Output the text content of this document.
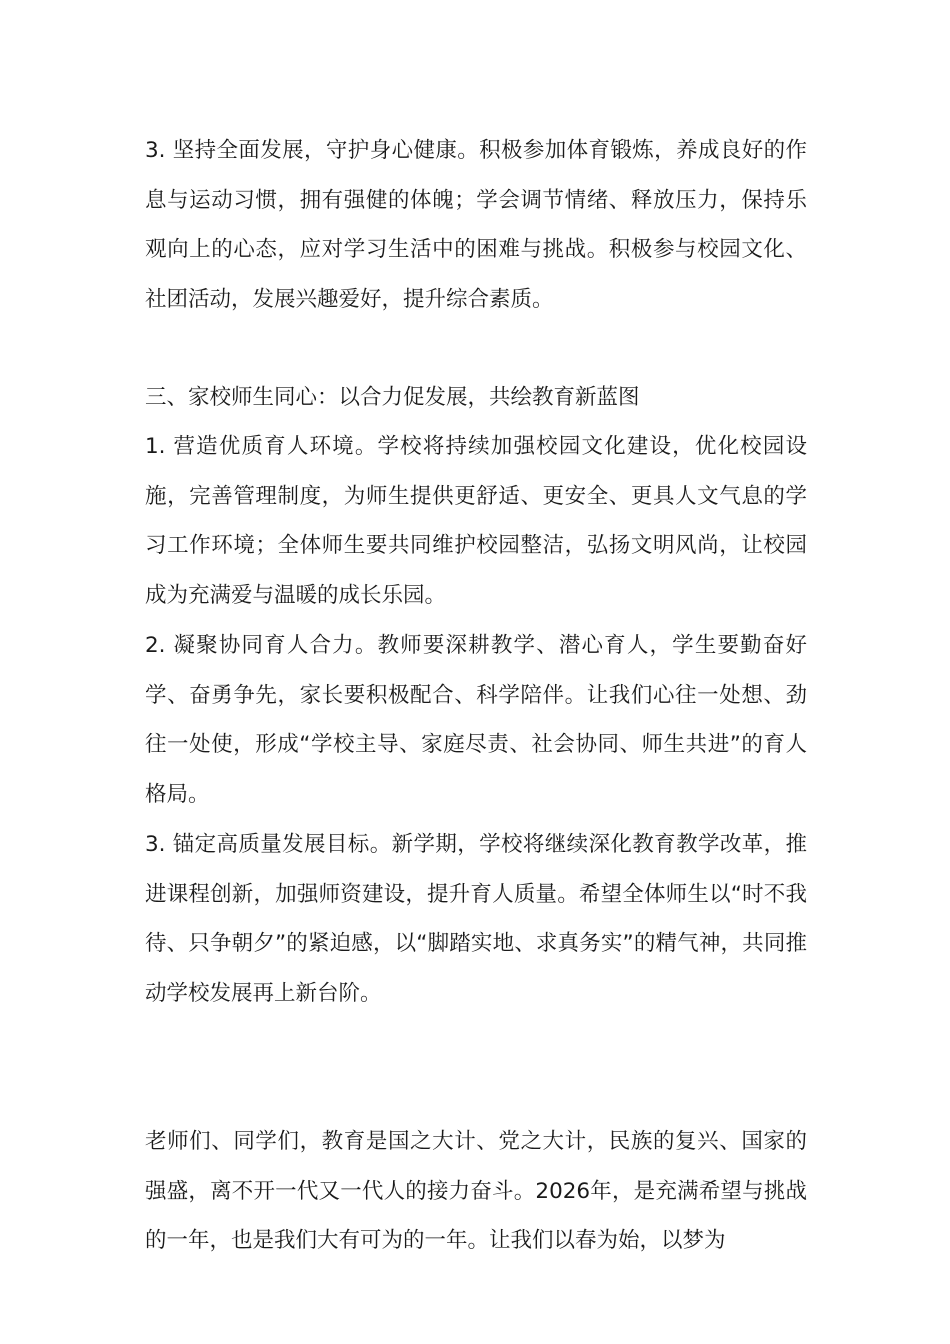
3. 坚持全面发展，守护身心健康。积极参加体育锻炼，养成良好的作息与运动习惯，拥有强健的体魄；学会调节情绪、释放压力，保持乐观向上的心态，应对学习生活中的困难与挑战。积极参与校园文化、社团活动，发展兴趣爱好，提升综合素质。

三、家校师生同心：以合力促发展，共绘教育新蓝图

1. 营造优质育人环境。学校将持续加强校园文化建设，优化校园设施，完善管理制度，为师生提供更舒适、更安全、更具人文气息的学习工作环境；全体师生要共同维护校园整洁，弘扬文明风尚，让校园成为充满爱与温暖的成长乐园。

2. 凝聚协同育人合力。教师要深耕教学、潜心育人，学生要勤奋好学、奋勇争先，家长要积极配合、科学陪伴。让我们心往一处想、劲往一处使，形成“学校主导、家庭尽责、社会协同、师生共进”的育人格局。

3. 锚定高质量发展目标。新学期，学校将继续深化教育教学改革，推进课程创新，加强师资建设，提升育人质量。希望全体师生以“时不我待、只争朝夕”的紧迫感，以“脚踏实地、求真务实”的精气神，共同推动学校发展再上新台阶。

老师们、同学们，教育是国之大计、党之大计，民族的复兴、国家的强盛，离不开一代又一代人的接力奋斗。2026年，是充满希望与挑战的一年，也是我们大有可为的一年。让我们以春为始，以梦为
